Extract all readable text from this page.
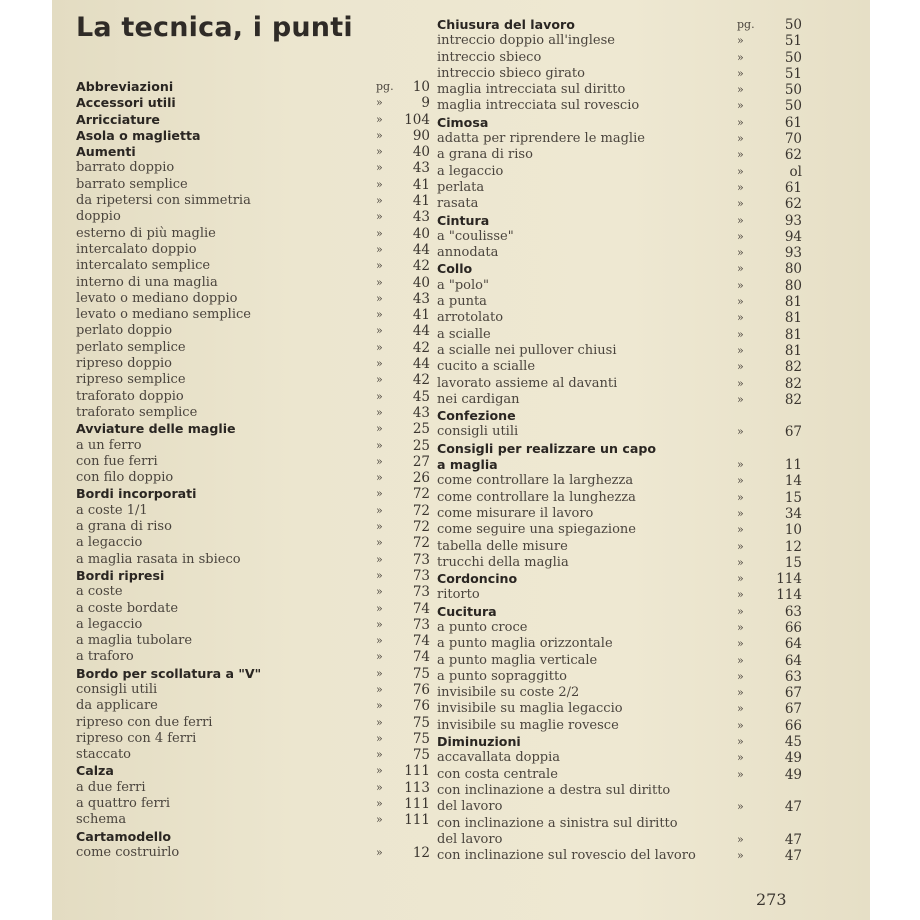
La tecnica, i punti
Abbreviazioni	pg.	10
Accessori utili	»	9
Arricciature	»	104
Asola o maglietta	»	90
Aumenti	»	40
barrato doppio	»	43
barrato semplice	»	41
da ripetersi con simmetria	»	41
doppio	»	43
esterno di più maglie	»	40
intercalato doppio	»	44
intercalato semplice	»	42
interno di una maglia	»	40
levato o mediano doppio	»	43
levato o mediano semplice	»	41
perlato doppio	»	44
perlato semplice	»	42
ripreso doppio	»	44
ripreso semplice	»	42
traforato doppio	»	45
traforato semplice	»	43
Avviature delle maglie	»	25
a un ferro	»	25
con fue ferri	»	27
con filo doppio	»	26
Bordi incorporati	»	72
a coste 1/1	»	72
a grana di riso	»	72
a legaccio	»	72
a maglia rasata in sbieco	»	73
Bordi ripresi	»	73
a coste	»	73
a coste bordate	»	74
a legaccio	»	73
a maglia tubolare	»	74
a traforo	»	74
Bordo per scollatura a "V"	»	75
consigli utili	»	76
da applicare	»	76
ripreso con due ferri	»	75
ripreso con 4 ferri	»	75
staccato	»	75
Calza	»	111
a due ferri	»	113
a quattro ferri	»	111
schema	»	111
Cartamodello
come costruirlo	»	12
Chiusura del lavoro	pg.	50
intreccio doppio all'inglese	»	51
intreccio sbieco	»	50
intreccio sbieco girato	»	51
maglia intrecciata sul diritto	»	50
maglia intrecciata sul rovescio	»	50
Cimosa	»	61
adatta per riprendere le maglie	»	70
a grana di riso	»	62
a legaccio	»	ol
perlata	»	61
rasata	»	62
Cintura	»	93
a "coulisse"	»	94
annodata	»	93
Collo	»	80
a "polo"	»	80
a punta	»	81
arrotolato	»	81
a scialle	»	81
a scialle nei pullover chiusi	»	81
cucito a scialle	»	82
lavorato assieme al davanti	»	82
nei cardigan	»	82
Confezione
consigli utili	»	67
Consigli per realizzare un capo
a maglia	»	11
come controllare la larghezza	»	14
come controllare la lunghezza	»	15
come misurare il lavoro	»	34
come seguire una spiegazione	»	10
tabella delle misure	»	12
trucchi della maglia	»	15
Cordoncino	»	114
ritorto	»	114
Cucitura	»	63
a punto croce	»	66
a punto maglia orizzontale	»	64
a punto maglia verticale	»	64
a punto sopraggitto	»	63
invisibile su coste 2/2	»	67
invisibile su maglia legaccio	»	67
invisibile su maglie rovesce	»	66
Diminuzioni	»	45
accavallata doppia	»	49
con costa centrale	»	49
con inclinazione a destra sul diritto
del lavoro	»	47
con inclinazione a sinistra sul diritto
del lavoro	»	47
con inclinazione sul rovescio del lavoro	»	47
273
